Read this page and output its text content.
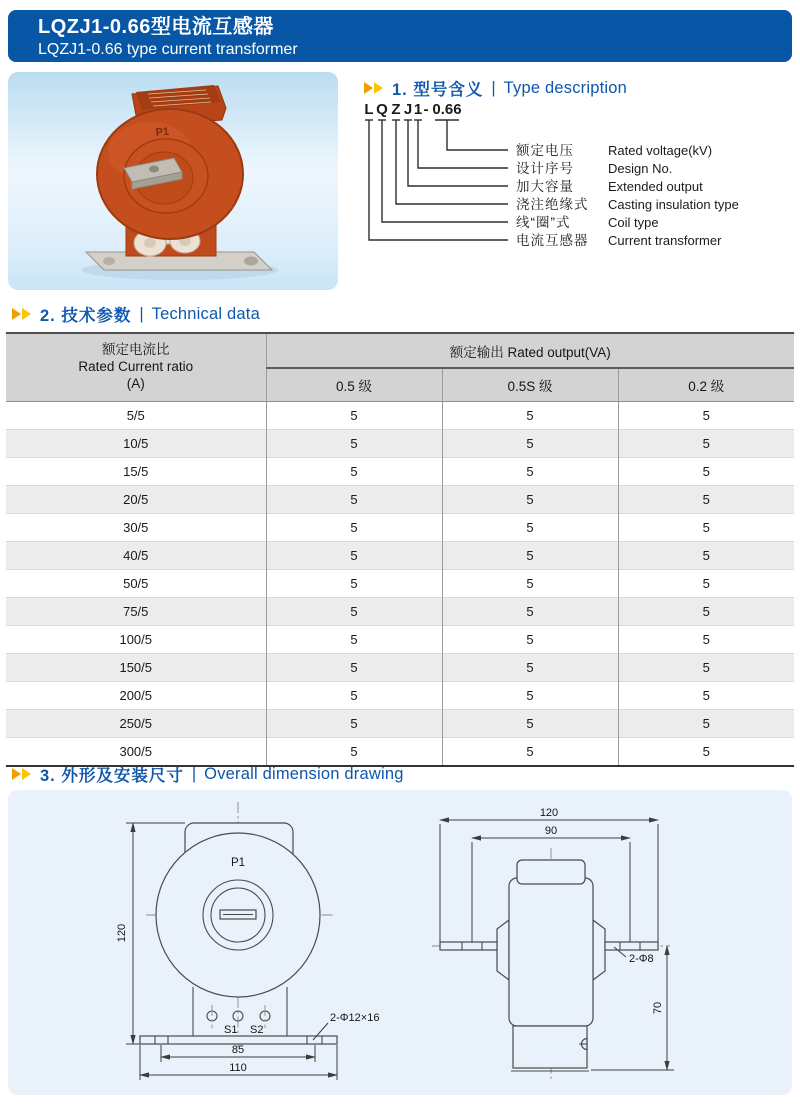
LQZJ1-0.66型电流互感器
LQZJ1-0.66 type current transformer
P1
1. 型号含义 | Type description
L Q Z J 1 - 0.66
额定电压	Rated voltage(kV)
设计序号	Design No.
加大容量	Extended output
浇注绝缘式 Casting insulation type
线“圈”式	Coil type
电流互感器 Current transformer
2. 技术参数 | Technical data
额定电流比
Rated Current ratio
(A)	额定输出 Rated output(VA)		
	0.5 级	0.5S 级	0.2 级
5/5	5	5	5
10/5	5	5	5
15/5	5	5	5
20/5	5	5	5
30/5	5	5	5
40/5	5	5	5
50/5	5	5	5
75/5	5	5	5
100/5	5	5	5
150/5	5	5	5
200/5	5	5	5
250/5	5	5	5
300/5	5	5	5
3. 外形及安装尺寸 | Overall dimension drawing
P1
S1 S2
120
85
110
2-Φ12×16
120
90
2-Φ8
70
